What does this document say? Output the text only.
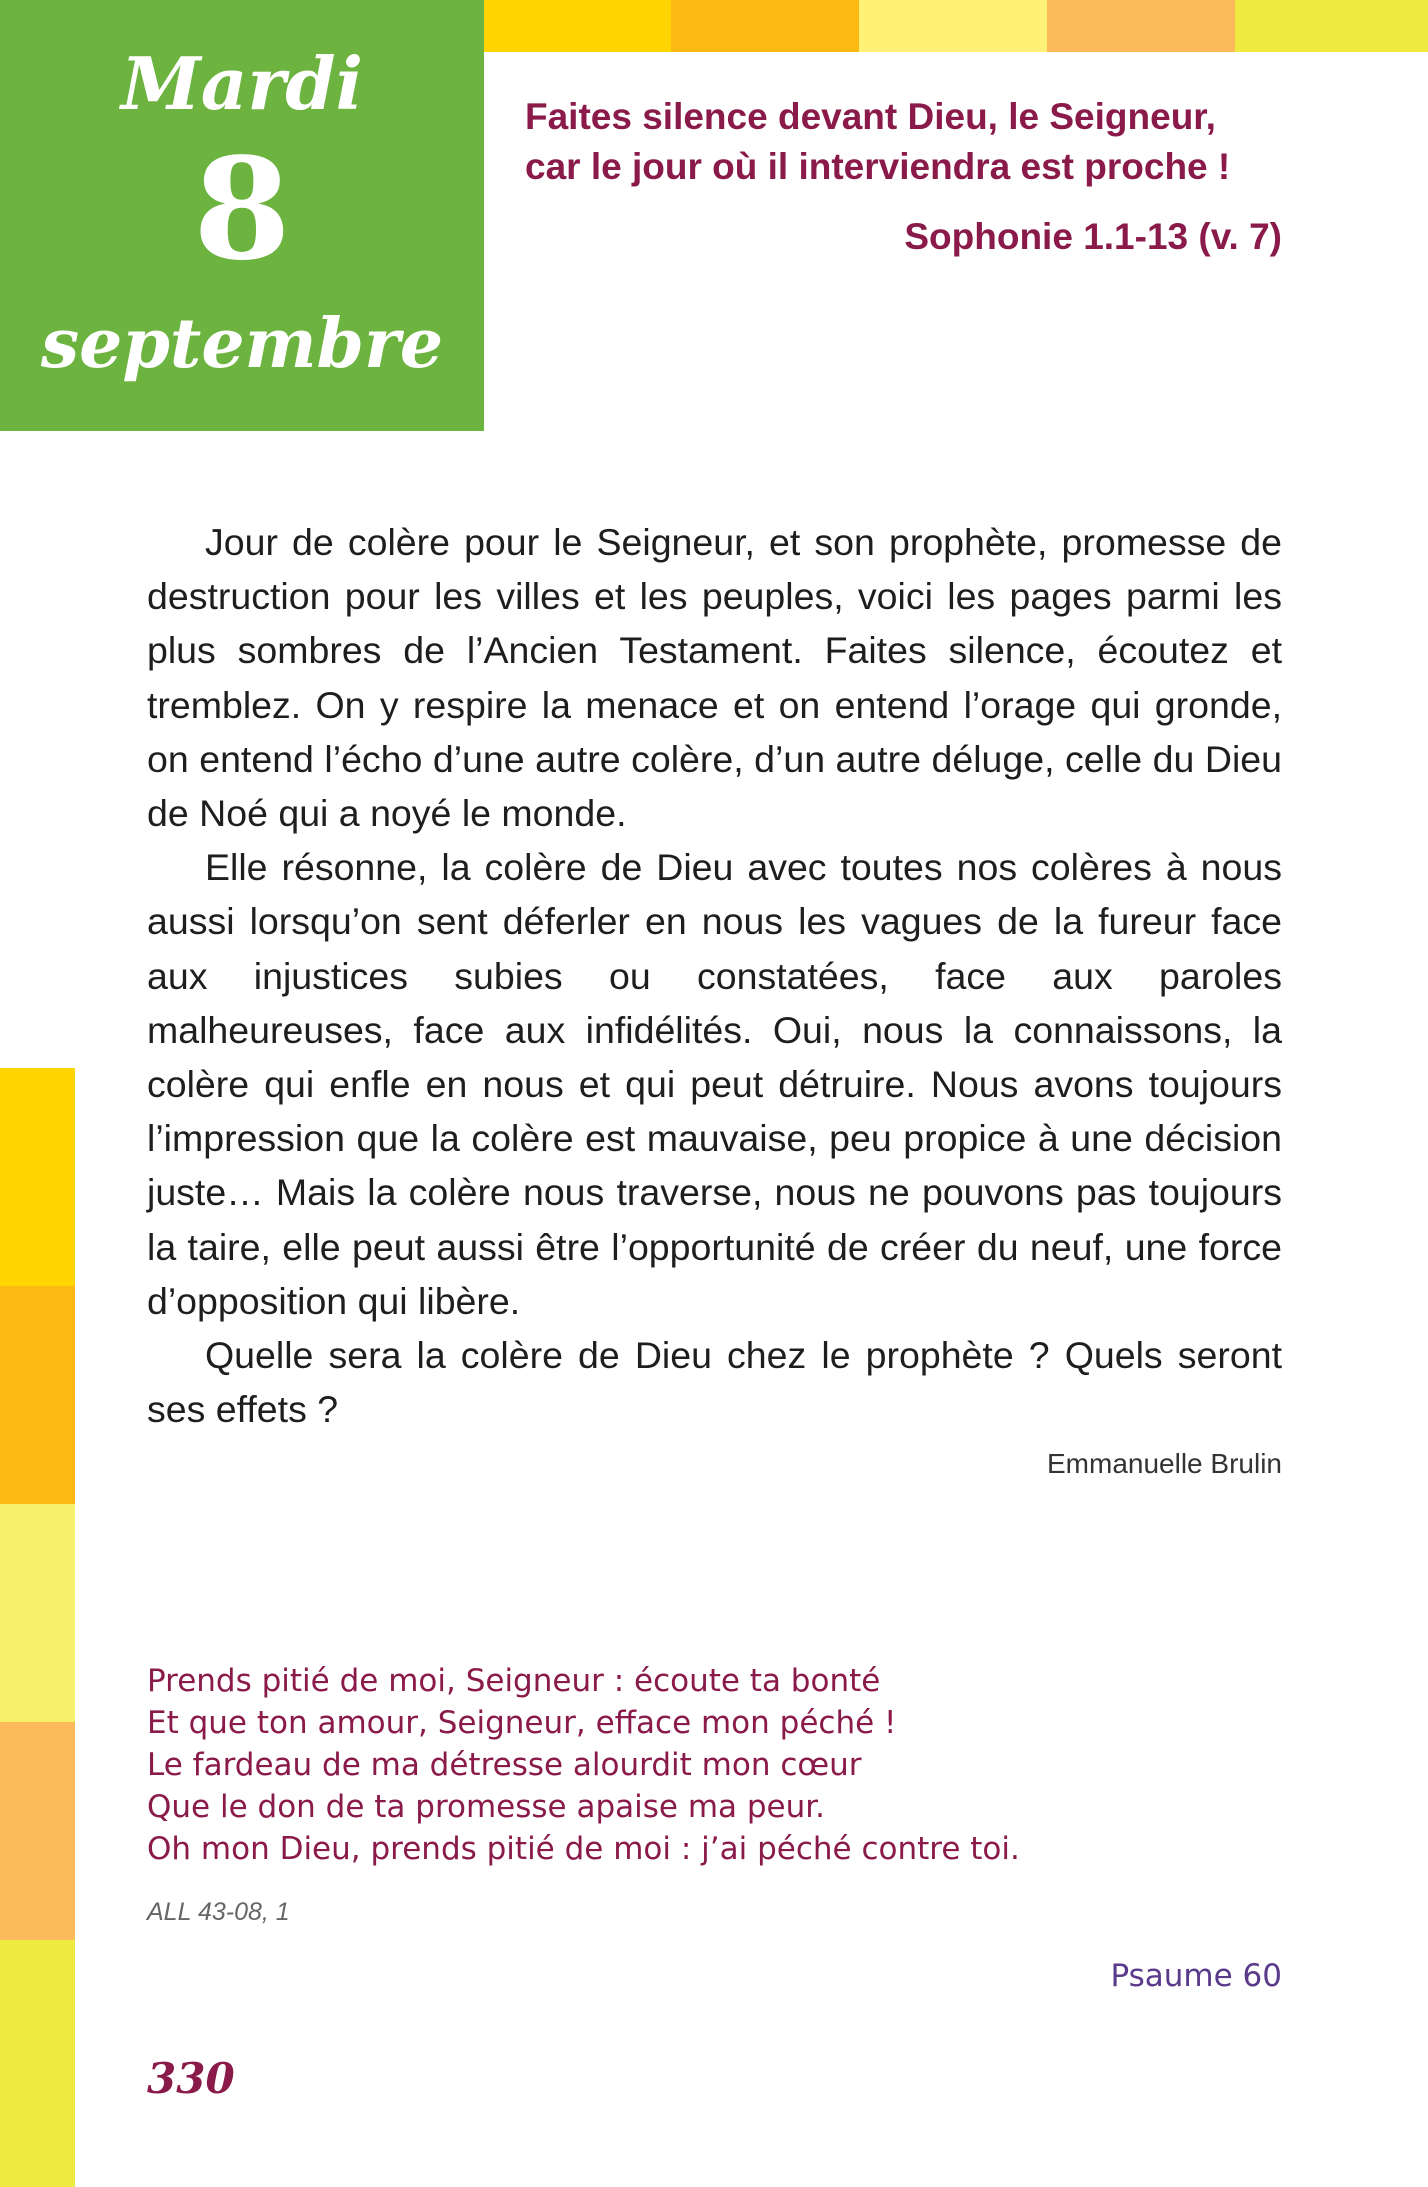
Mardi
8
septembre
Faites silence devant Dieu, le Seigneur,
car le jour où il interviendra est proche !
Sophonie 1.1-13 (v. 7)

Jour de colère pour le Seigneur, et son prophète, promesse de destruction pour les villes et les peuples, voici les pages parmi les plus sombres de l’Ancien Testament. Faites silence, écoutez et tremblez. On y respire la menace et on entend l’orage qui gronde, on entend l’écho d’une autre colère, d’un autre déluge, celle du Dieu de Noé qui a noyé le monde.

Elle résonne, la colère de Dieu avec toutes nos colères à nous aussi lorsqu’on sent déferler en nous les vagues de la fureur face aux injustices subies ou constatées, face aux paroles malheureuses, face aux infidélités. Oui, nous la connaissons, la colère qui enfle en nous et qui peut détruire. Nous avons toujours l’impression que la colère est mauvaise, peu propice à une décision juste… Mais la colère nous traverse, nous ne pouvons pas toujours la taire, elle peut aussi être l’opportunité de créer du neuf, une force d’opposition qui libère.

Quelle sera la colère de Dieu chez le prophète ? Quels seront ses effets ?

Emmanuelle Brulin
Prends pitié de moi, Seigneur : écoute ta bonté
Et que ton amour, Seigneur, efface mon péché !
Le fardeau de ma détresse alourdit mon cœur
Que le don de ta promesse apaise ma peur.
Oh mon Dieu, prends pitié de moi : j’ai péché contre toi.
ALL 43-08, 1
Psaume 60
330
